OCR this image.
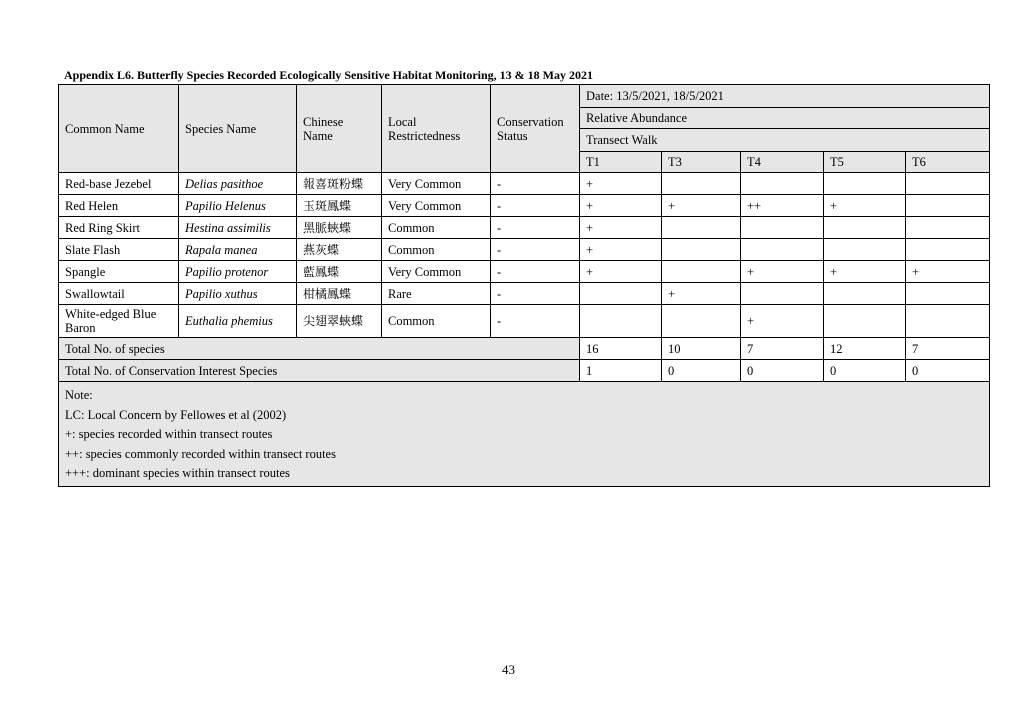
Appendix L6. Butterfly Species Recorded Ecologically Sensitive Habitat Monitoring, 13 & 18 May 2021
Common Name	Species Name	Chinese Name	Local Restrictedness	Conservation Status	Date: 13/5/2021, 18/5/2021				
					Relative Abundance				
					Transect Walk				
					T1	T3	T4	T5	T6
Red-base Jezebel	Delias pasithoe	報喜斑粉蝶	Very Common	-	+				
Red Helen	Papilio Helenus	玉斑鳳蝶	Very Common	-	+	+	++	+	
Red Ring Skirt	Hestina assimilis	黑脈蛺蝶	Common	-	+				
Slate Flash	Rapala manea	燕灰蝶	Common	-	+				
Spangle	Papilio protenor	藍鳳蝶	Very Common	-	+		+	+	+
Swallowtail	Papilio xuthus	柑橘鳳蝶	Rare	-		+			
White-edged Blue Baron	Euthalia phemius	尖翅翠蛺蝶	Common	-			+		
Total No. of species					16	10	7	12	7
Total No. of Conservation Interest Species					1	0	0	0	0

Note:
LC: Local Concern by Fellowes et al (2002)
+: species recorded within transect routes
++: species commonly recorded within transect routes
+++: dominant species within transect routes									
43
